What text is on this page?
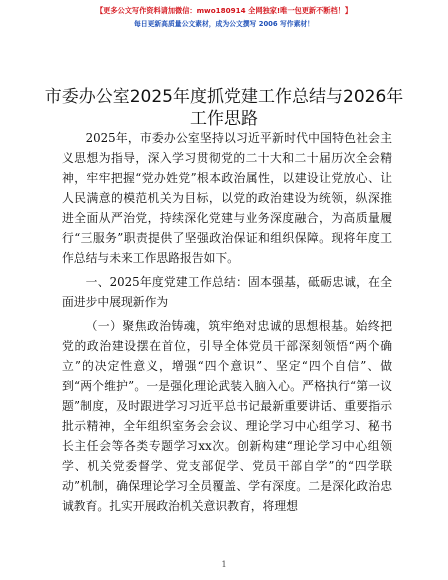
【更多公文写作资料请加微信：mwo180914 全网独家!唯一包更新不断档！】
每日更新高质量公文素材，成为公文撰写 2006 写作素材！
市委办公室2025年度抓党建工作总结与2026年工作思路

2025年，市委办公室坚持以习近平新时代中国特色社会主义思想为指导，深入学习贯彻党的二十大和二十届历次全会精神，牢牢把握“党办姓党”根本政治属性，以建设让党放心、让人民满意的模范机关为目标，以党的政治建设为统领，纵深推进全面从严治党，持续深化党建与业务深度融合，为高质量履行“三服务”职责提供了坚强政治保证和组织保障。现将年度工作总结与未来工作思路报告如下。

一、2025年度党建工作总结：固本强基，砥砺忠诚，在全面进步中展现新作为

（一）聚焦政治铸魂，筑牢绝对忠诚的思想根基。始终把党的政治建设摆在首位，引导全体党员干部深刻领悟“两个确立”的决定性意义，增强“四个意识”、坚定“四个自信”、做到“两个维护”。一是强化理论武装入脑入心。严格执行“第一议题”制度，及时跟进学习习近平总书记最新重要讲话、重要指示批示精神，全年组织室务会会议、理论学习中心组学习、秘书长主任会等各类专题学习xx次。创新构建“理论学习中心组领学、机关党委督学、党支部促学、党员干部自学”的“四学联动”机制，确保理论学习全员覆盖、学有深度。二是深化政治忠诚教育。扎实开展政治机关意识教育，将理想

1
